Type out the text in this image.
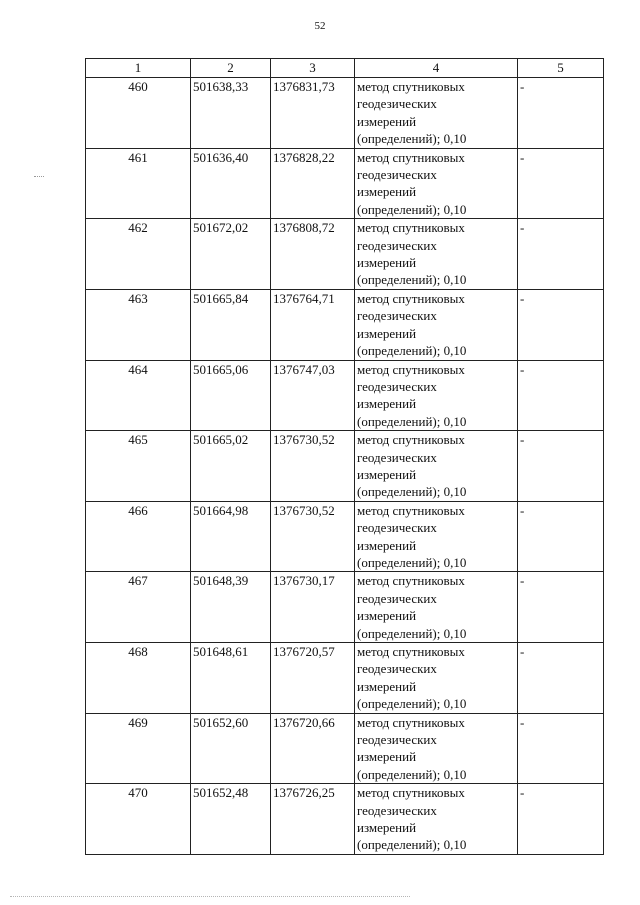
52
1	2	3	4	5
460	501638,33	1376831,73	метод спутниковых
геодезических
измерений
(определений); 0,10	-
461	501636,40	1376828,22	метод спутниковых
геодезических
измерений
(определений); 0,10	-
462	501672,02	1376808,72	метод спутниковых
геодезических
измерений
(определений); 0,10	-
463	501665,84	1376764,71	метод спутниковых
геодезических
измерений
(определений); 0,10	-
464	501665,06	1376747,03	метод спутниковых
геодезических
измерений
(определений); 0,10	-
465	501665,02	1376730,52	метод спутниковых
геодезических
измерений
(определений); 0,10	-
466	501664,98	1376730,52	метод спутниковых
геодезических
измерений
(определений); 0,10	-
467	501648,39	1376730,17	метод спутниковых
геодезических
измерений
(определений); 0,10	-
468	501648,61	1376720,57	метод спутниковых
геодезических
измерений
(определений); 0,10	-
469	501652,60	1376720,66	метод спутниковых
геодезических
измерений
(определений); 0,10	-
470	501652,48	1376726,25	метод спутниковых
геодезических
измерений
(определений); 0,10	-
